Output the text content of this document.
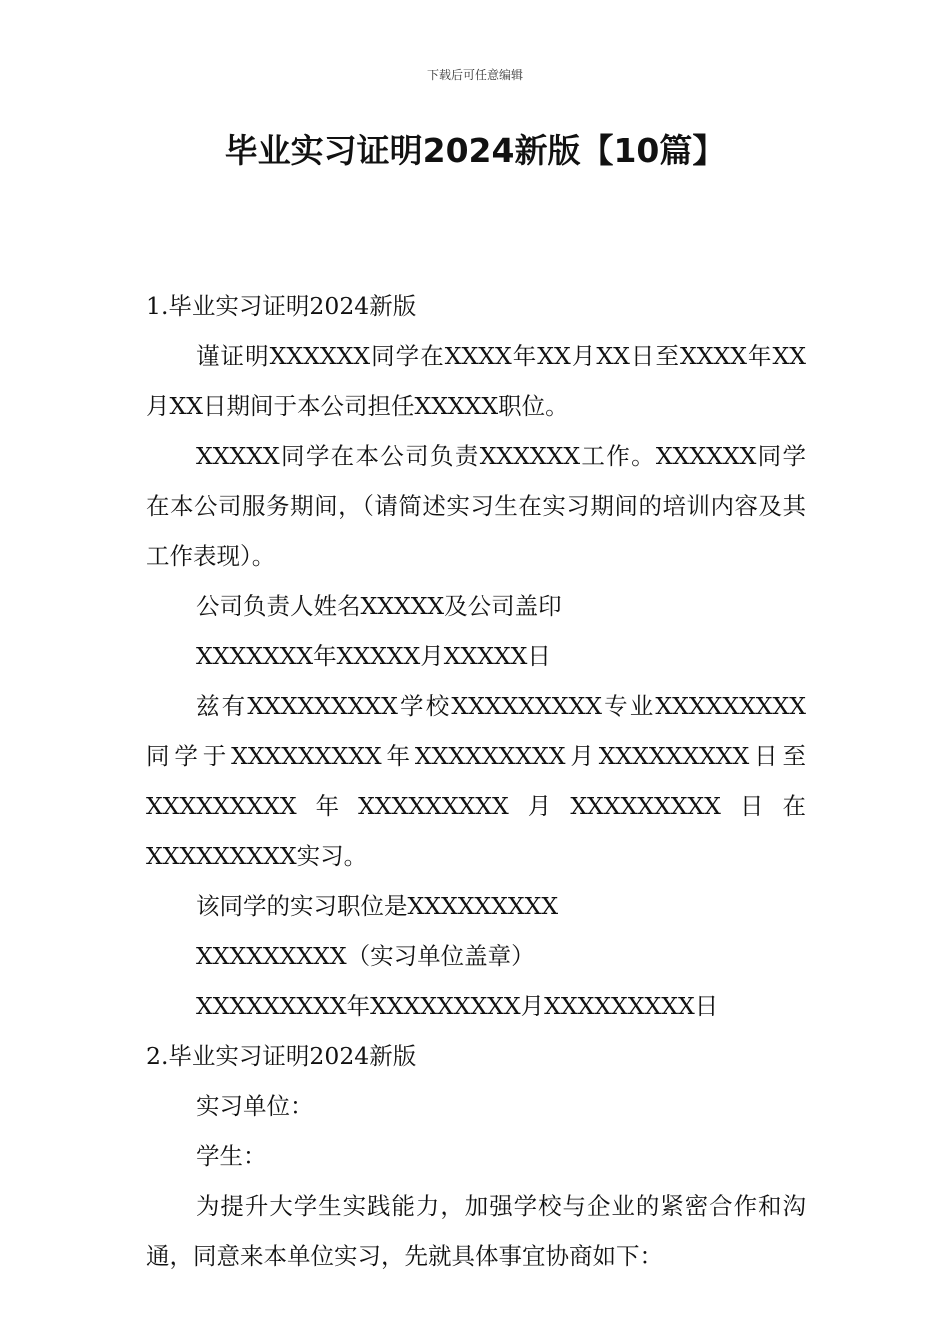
下载后可任意编辑
毕业实习证明2024新版【10篇】

1.毕业实习证明2024新版

谨证明XXXXXX同学在XXXX年XX月XX日至XXXX年XX月XX日期间于本公司担任XXXXX职位。

XXXXX同学在本公司负责XXXXXX工作。XXXXXX同学在本公司服务期间，（请简述实习生在实习期间的培训内容及其工作表现）。

公司负责人姓名XXXXX及公司盖印

XXXXXXX年XXXXX月XXXXX日

兹有XXXXXXXXX学校XXXXXXXXX专业XXXXXXXXX同学于XXXXXXXXX年XXXXXXXXX月XXXXXXXXX日至XXXXXXXXX年XXXXXXXXX月XXXXXXXXX日在XXXXXXXXX实习。

该同学的实习职位是XXXXXXXXX

XXXXXXXXX（实习单位盖章）

XXXXXXXXX年XXXXXXXXX月XXXXXXXXX日

2.毕业实习证明2024新版

实习单位：

学生：

为提升大学生实践能力，加强学校与企业的紧密合作和沟通，同意来本单位实习，先就具体事宜协商如下：
